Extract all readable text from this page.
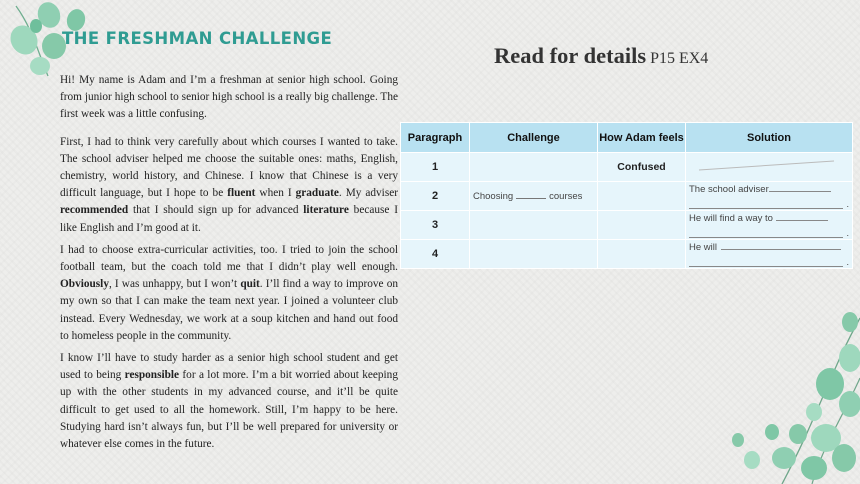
THE FRESHMAN CHALLENGE

Hi! My name is Adam and I’m a freshman at senior high school. Going from junior high school to senior high school is a really big challenge. The first week was a little confusing.

First, I had to think very carefully about which courses I wanted to take. The school adviser helped me choose the suitable ones: maths, English, chemistry, world history, and Chinese. I know that Chinese is a very difficult language, but I hope to be fluent when I graduate. My adviser recommended that I should sign up for advanced literature because I like English and I’m good at it.

I had to choose extra-curricular activities, too. I tried to join the school football team, but the coach told me that I didn’t play well enough. Obviously, I was unhappy, but I won’t quit. I’ll find a way to improve on my own so that I can make the team next year. I joined a volunteer club instead. Every Wednesday, we work at a soup kitchen and hand out food to homeless people in the community.

I know I’ll have to study harder as a senior high school student and get used to being responsible for a lot more. I’m a bit worried about keeping up with the other students in my advanced course, and it’ll be quite difficult to get used to all the homework. Still, I’m happy to be here. Studying hard isn’t always fun, but I’ll be well prepared for university or whatever else comes in the future.

Read for details P15 EX4
Paragraph	Challenge	How Adam feels	Solution
1		Confused	
2	Choosing courses		The school adviser
.

3			He will find a way to
.

4			He will
.
